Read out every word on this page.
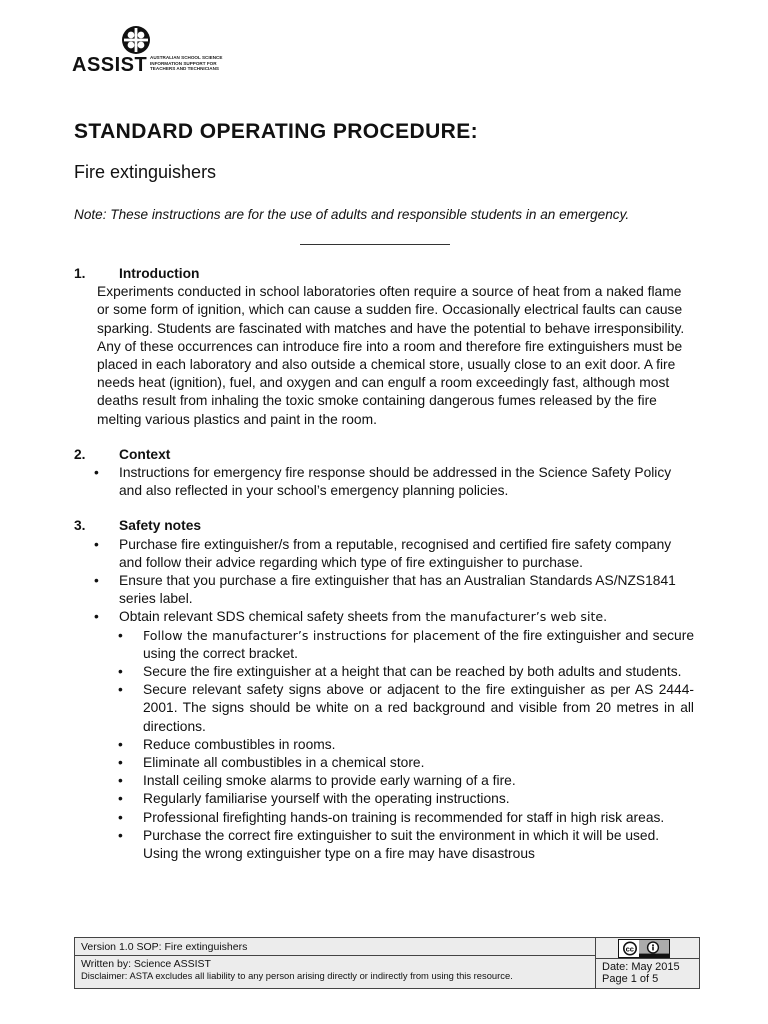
ASSIST AUSTRALIAN SCHOOL SCIENCE
INFORMATION SUPPORT FOR
TEACHERS AND TECHNICIANS
STANDARD OPERATING PROCEDURE:
Fire extinguishers

Note: These instructions are for the use of adults and responsible students in an emergency.

1. Introduction

Experiments conducted in school laboratories often require a source of heat from a naked flame or some form of ignition, which can cause a sudden fire. Occasionally electrical faults can cause sparking. Students are fascinated with matches and have the potential to behave irresponsibility. Any of these occurrences can introduce fire into a room and therefore fire extinguishers must be placed in each laboratory and also outside a chemical store, usually close to an exit door. A fire needs heat (ignition), fuel, and oxygen and can engulf a room exceedingly fast, although most deaths result from inhaling the toxic smoke containing dangerous fumes released by the fire melting various plastics and paint in the room.

2. Context
• Instructions for emergency fire response should be addressed in the Science Safety Policy and also reflected in your school’s emergency planning policies.
3. Safety notes
• Purchase fire extinguisher/s from a reputable, recognised and certified fire safety company and follow their advice regarding which type of fire extinguisher to purchase.
• Ensure that you purchase a fire extinguisher that has an Australian Standards AS/NZS1841 series label.
• Obtain relevant SDS chemical safety sheets from the manufacturer’s web site.
• Follow the manufacturer’s instructions for placement of the fire extinguisher and secure using the correct bracket.
• Secure the fire extinguisher at a height that can be reached by both adults and students.
• Secure relevant safety signs above or adjacent to the fire extinguisher as per AS 2444-2001. The signs should be white on a red background and visible from 20 metres in all directions.
• Reduce combustibles in rooms.
• Eliminate all combustibles in a chemical store.
• Install ceiling smoke alarms to provide early warning of a fire.
• Regularly familiarise yourself with the operating instructions.
• Professional firefighting hands-on training is recommended for staff in high risk areas.
• Purchase the correct fire extinguisher to suit the environment in which it will be used. Using the wrong extinguisher type on a fire may have disastrous
Version 1.0 SOP: Fire extinguishers
Written by: Science ASSIST
Disclaimer: ASTA excludes all liability to any person arising directly or indirectly from using this resource.
cc
Date: May 2015
Page 1 of 5
